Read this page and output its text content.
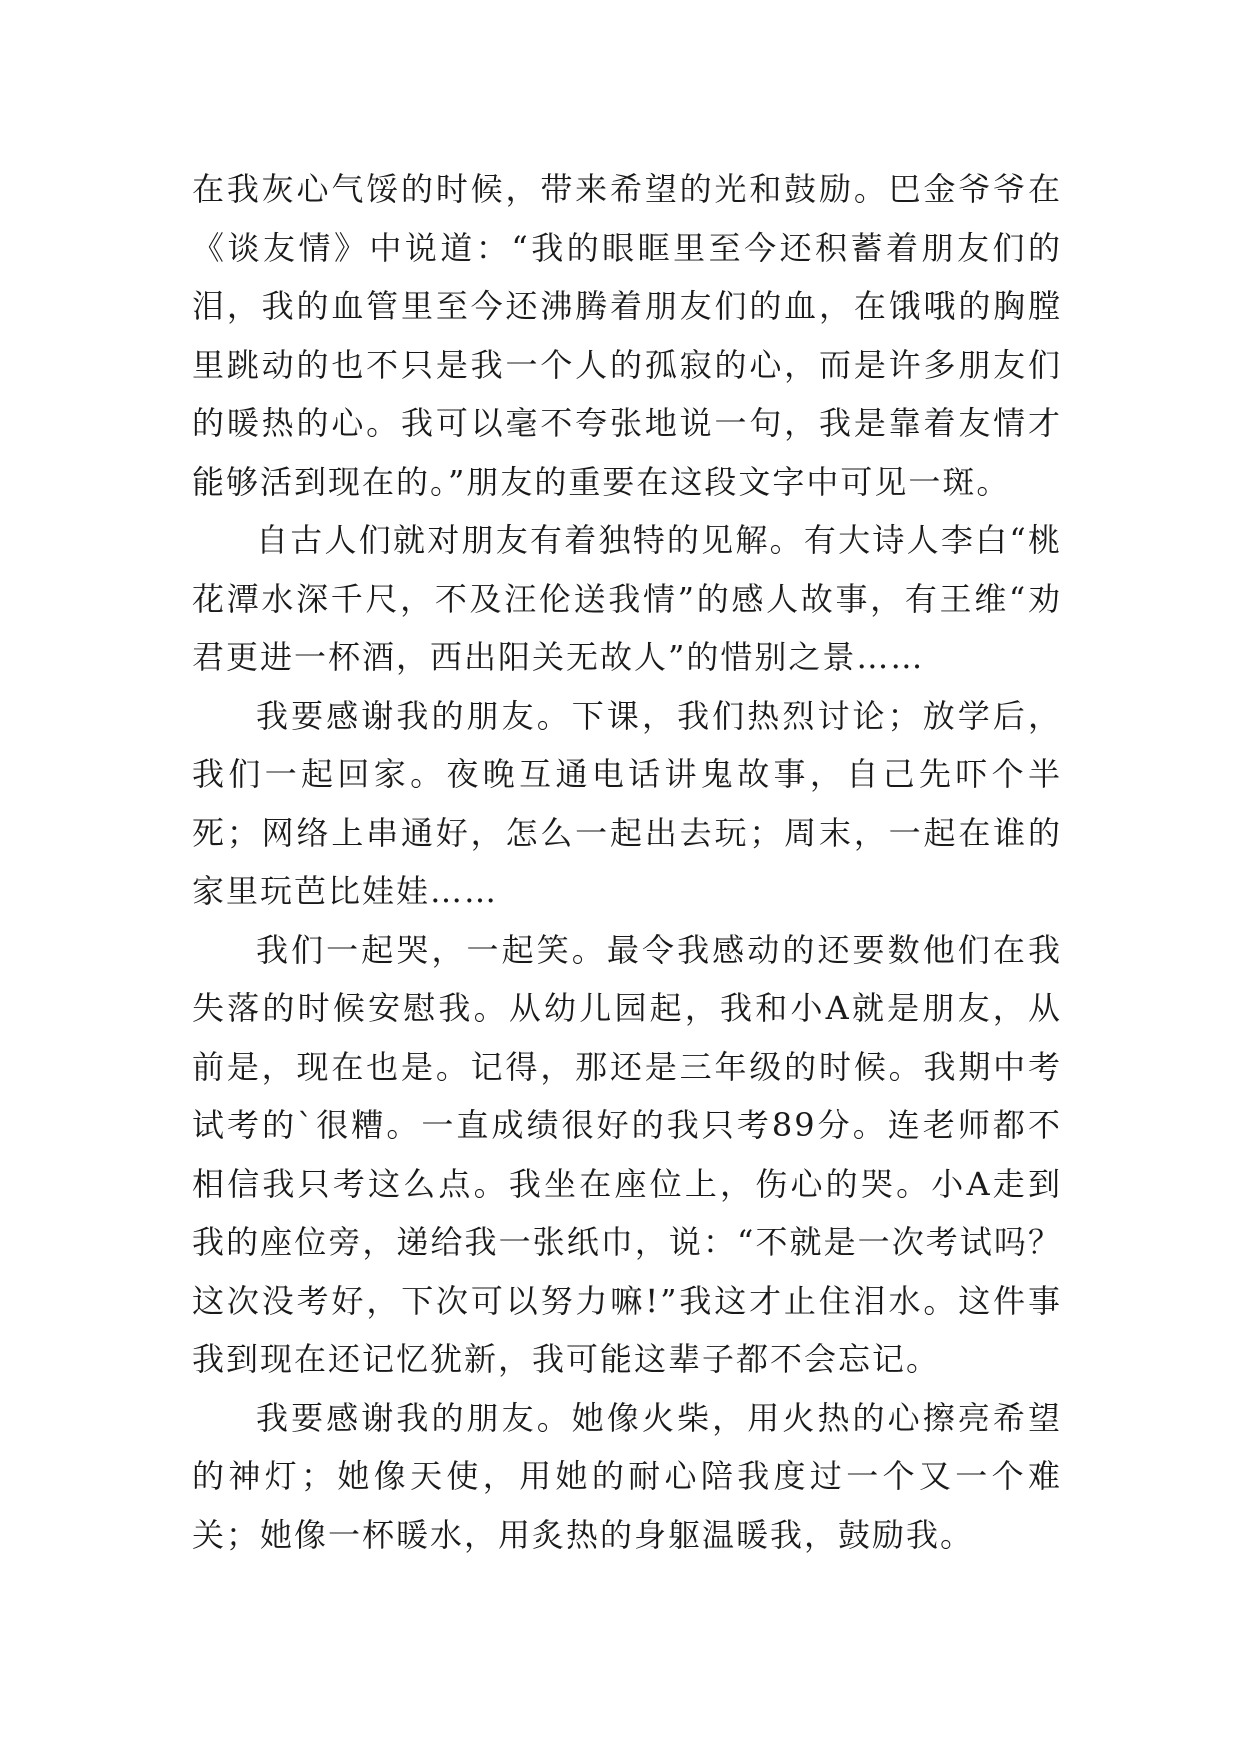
在我灰心气馁的时候，带来希望的光和鼓励。巴金爷爷在《谈友情》中说道：“我的眼眶里至今还积蓄着朋友们的泪，我的血管里至今还沸腾着朋友们的血，在饿哦的胸膛里跳动的也不只是我一个人的孤寂的心，而是许多朋友们的暖热的心。我可以毫不夸张地说一句，我是靠着友情才能够活到现在的。”朋友的重要在这段文字中可见一斑。

自古人们就对朋友有着独特的见解。有大诗人李白“桃花潭水深千尺，不及汪伦送我情”的感人故事，有王维“劝君更进一杯酒，西出阳关无故人”的惜别之景……

我要感谢我的朋友。下课，我们热烈讨论；放学后，我们一起回家。夜晚互通电话讲鬼故事，自己先吓个半死；网络上串通好，怎么一起出去玩；周末，一起在谁的家里玩芭比娃娃……

我们一起哭，一起笑。最令我感动的还要数他们在我失落的时候安慰我。从幼儿园起，我和小A就是朋友，从前是，现在也是。记得，那还是三年级的时候。我期中考试考的`很糟。一直成绩很好的我只考89分。连老师都不相信我只考这么点。我坐在座位上，伤心的哭。小A走到我的座位旁，递给我一张纸巾，说：“不就是一次考试吗？这次没考好，下次可以努力嘛!”我这才止住泪水。这件事我到现在还记忆犹新，我可能这辈子都不会忘记。

我要感谢我的朋友。她像火柴，用火热的心擦亮希望的神灯；她像天使，用她的耐心陪我度过一个又一个难关；她像一杯暖水，用炙热的身躯温暖我，鼓励我。
